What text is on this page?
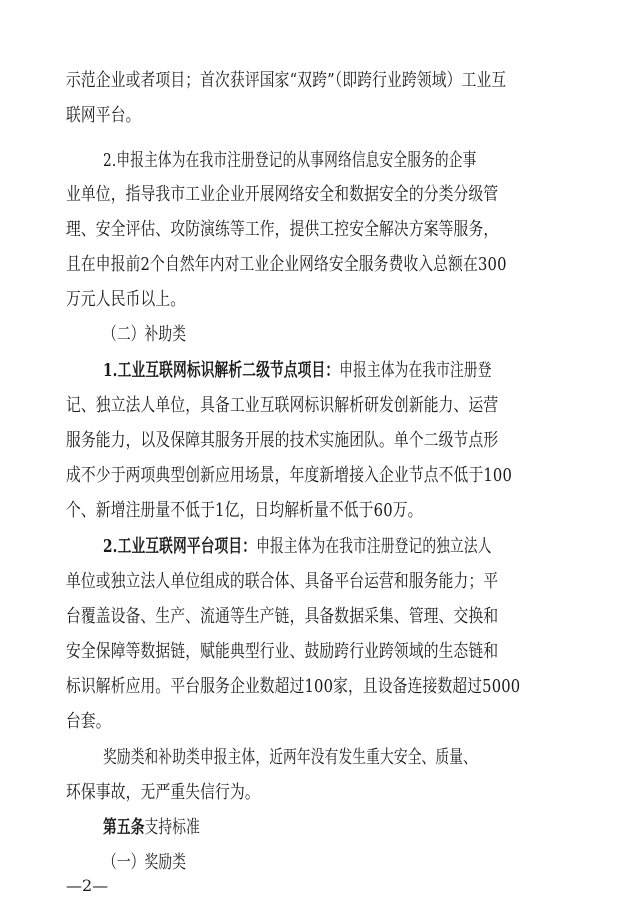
示范企业或者项目；首次获评国家“双跨”（即跨行业跨领域）工业互
联网平台。
2.申报主体为在我市注册登记的从事网络信息安全服务的企事
业单位，指导我市工业企业开展网络安全和数据安全的分类分级管
理、安全评估、攻防演练等工作，提供工控安全解决方案等服务，
且在申报前2个自然年内对工业企业网络安全服务费收入总额在300
万元人民币以上。
（二）补助类
1.工业互联网标识解析二级节点项目：申报主体为在我市注册登
记、独立法人单位，具备工业互联网标识解析研发创新能力、运营
服务能力，以及保障其服务开展的技术实施团队。单个二级节点形
成不少于两项典型创新应用场景，年度新增接入企业节点不低于100
个、新增注册量不低于1亿，日均解析量不低于60万。
2.工业互联网平台项目：申报主体为在我市注册登记的独立法人
单位或独立法人单位组成的联合体、具备平台运营和服务能力；平
台覆盖设备、生产、流通等生产链，具备数据采集、管理、交换和
安全保障等数据链，赋能典型行业、鼓励跨行业跨领域的生态链和
标识解析应用。平台服务企业数超过100家，且设备连接数超过5000
台套。
奖励类和补助类申报主体，近两年没有发生重大安全、质量、
环保事故，无严重失信行为。
第五条支持标准
（一）奖励类
—2—
